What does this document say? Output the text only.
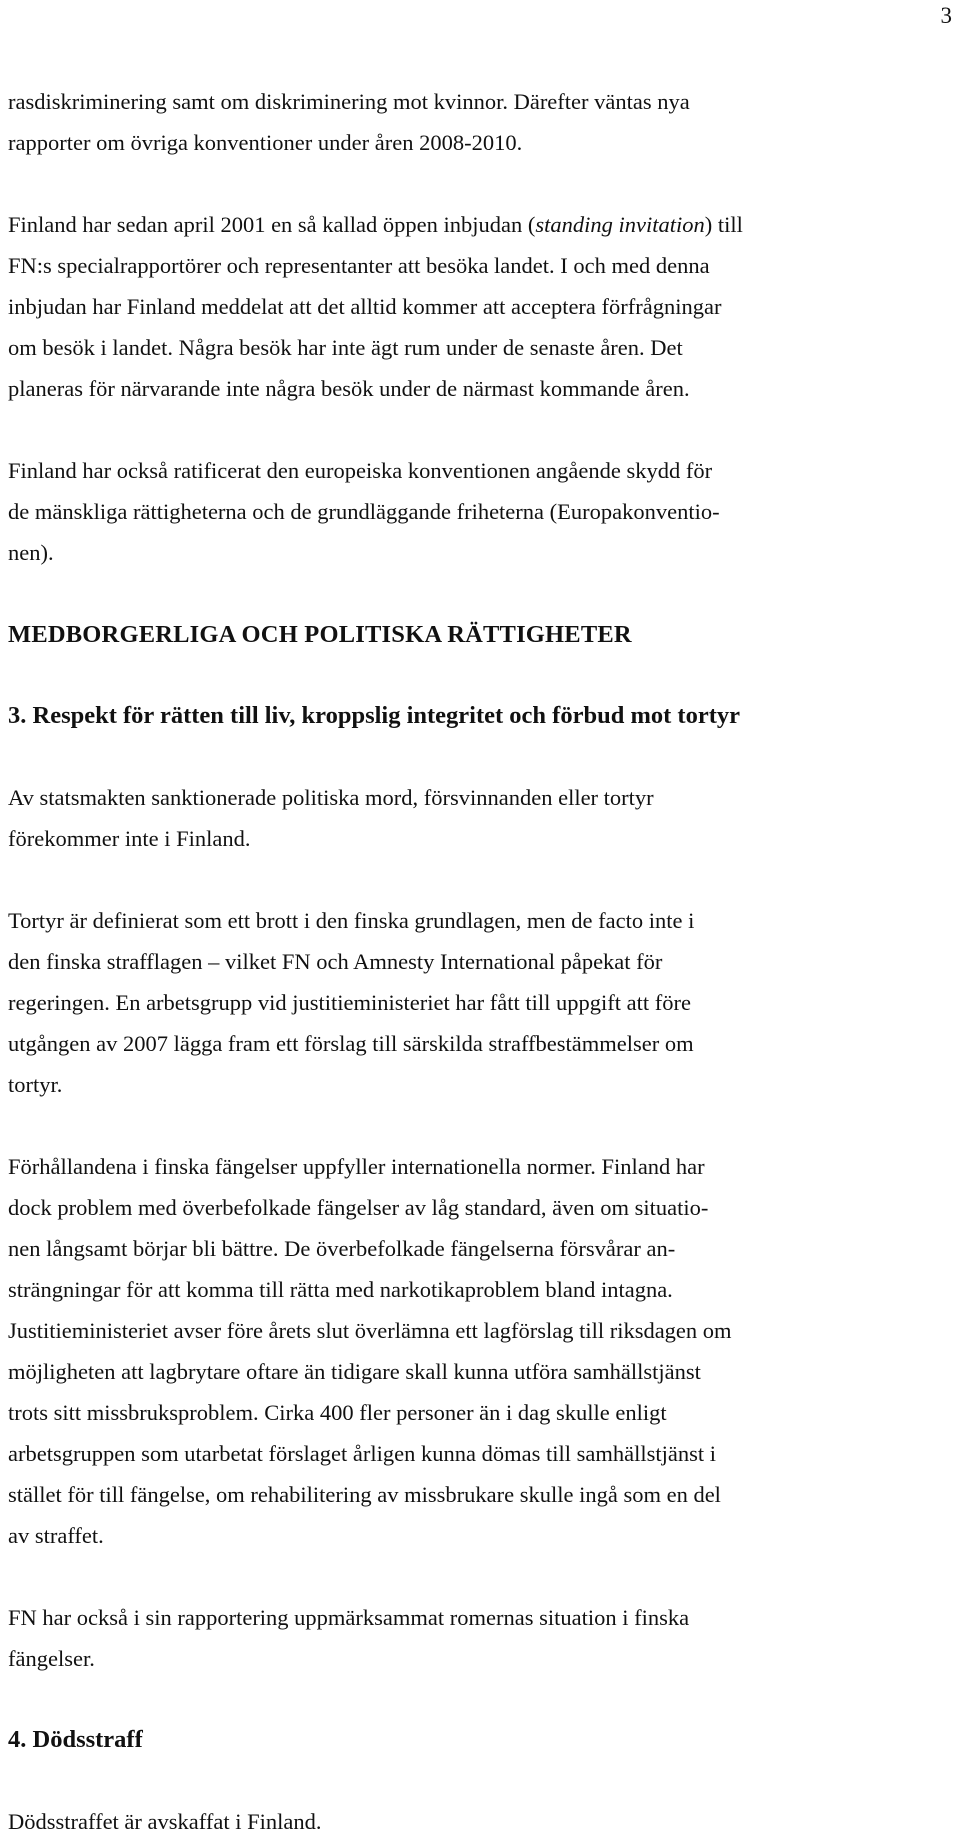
3

rasdiskriminering samt om diskriminering mot kvinnor. Därefter väntas nya
rapporter om övriga konventioner under åren 2008-2010.

Finland har sedan april 2001 en så kallad öppen inbjudan (standing invitation) till
FN:s specialrapportörer och representanter att besöka landet. I och med denna
inbjudan har Finland meddelat att det alltid kommer att acceptera förfrågningar
om besök i landet. Några besök har inte ägt rum under de senaste åren. Det
planeras för närvarande inte några besök under de närmast kommande åren.

Finland har också ratificerat den europeiska konventionen angående skydd för
de mänskliga rättigheterna och de grundläggande friheterna (Europakonventio-
nen).

MEDBORGERLIGA OCH POLITISKA RÄTTIGHETER
3. Respekt för rätten till liv, kroppslig integritet och förbud mot tortyr

Av statsmakten sanktionerade politiska mord, försvinnanden eller tortyr
förekommer inte i Finland.

Tortyr är definierat som ett brott i den finska grundlagen, men de facto inte i
den finska strafflagen – vilket FN och Amnesty International påpekat för
regeringen. En arbetsgrupp vid justitieministeriet har fått till uppgift att före
utgången av 2007 lägga fram ett förslag till särskilda straffbestämmelser om
tortyr.

Förhållandena i finska fängelser uppfyller internationella normer. Finland har
dock problem med överbefolkade fängelser av låg standard, även om situatio-
nen långsamt börjar bli bättre. De överbefolkade fängelserna försvårar an-
strängningar för att komma till rätta med narkotikaproblem bland intagna.
Justitieministeriet avser före årets slut överlämna ett lagförslag till riksdagen om
möjligheten att lagbrytare oftare än tidigare skall kunna utföra samhällstjänst
trots sitt missbruksproblem. Cirka 400 fler personer än i dag skulle enligt
arbetsgruppen som utarbetat förslaget årligen kunna dömas till samhällstjänst i
stället för till fängelse, om rehabilitering av missbrukare skulle ingå som en del
av straffet.

FN har också i sin rapportering uppmärksammat romernas situation i finska
fängelser.

4. Dödsstraff

Dödsstraffet är avskaffat i Finland.
